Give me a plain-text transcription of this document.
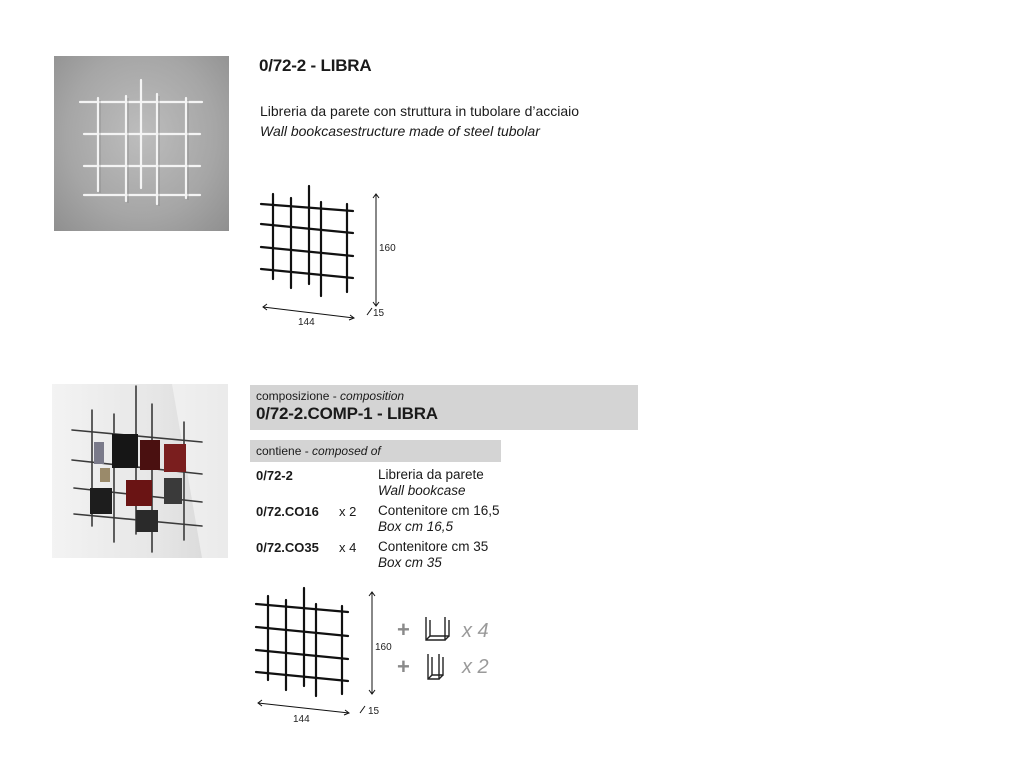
0/72-2 - LIBRA
Libreria da parete con struttura in tubolare d’acciaio
Wall bookcasestructure made of steel tubolar
160
144
15
composizione - composition
0/72-2.COMP-1 - LIBRA
contiene - composed of
0/72-2	Libreria da parete
Wall bookcase
0/72.CO16 x 2 Contenitore cm 16,5
Box cm 16,5
0/72.CO35 x 4 Contenitore cm 35
Box cm 35
160
144
15
+	x 4
+	x 2
